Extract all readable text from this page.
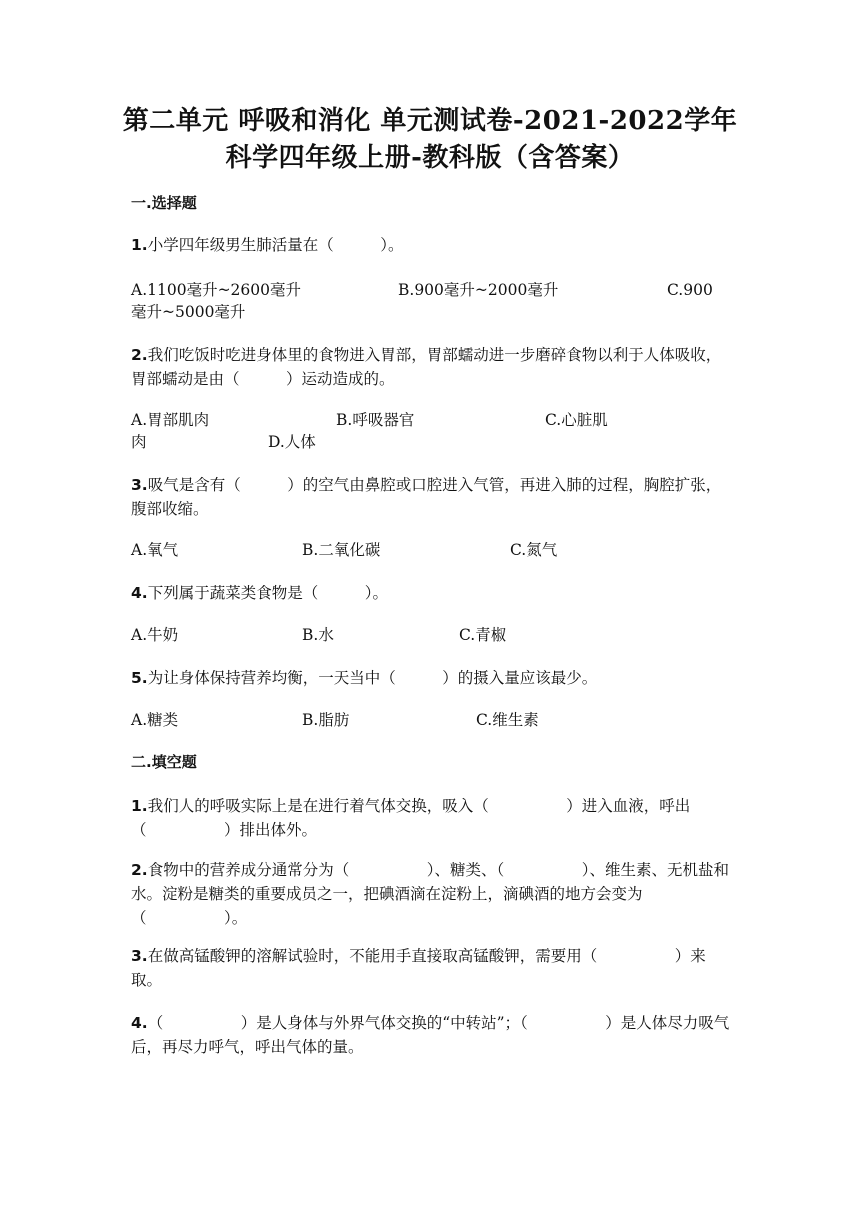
第二单元 呼吸和消化 单元测试卷-2021-2022学年
科学四年级上册-教科版（含答案）
一.选择题
1.小学四年级男生肺活量在（　　　）。
A.1100毫升~2600毫升	B.900毫升~2000毫升	C.900
毫升~5000毫升
2.我们吃饭时吃进身体里的食物进入胃部，胃部蠕动进一步磨碎食物以利于人体吸收，胃部蠕动是由（　　　）运动造成的。
A.胃部肌肉	B.呼吸器官	C.心脏肌
肉	D.人体
3.吸气是含有（　　　）的空气由鼻腔或口腔进入气管，再进入肺的过程，胸腔扩张，腹部收缩。
A.氧气	B.二氧化碳	C.氮气
4.下列属于蔬菜类食物是（　　　）。
A.牛奶	B.水	C.青椒
5.为让身体保持营养均衡，一天当中（　　　）的摄入量应该最少。
A.糖类	B.脂肪	C.维生素
二.填空题
1.我们人的呼吸实际上是在进行着气体交换，吸入（　　　　　）进入血液，呼出（　　　　　）排出体外。
2.食物中的营养成分通常分为（　　　　　）、糖类、（　　　　　）、维生素、无机盐和水。淀粉是糖类的重要成员之一，把碘酒滴在淀粉上，滴碘酒的地方会变为（　　　　　）。
3.在做高锰酸钾的溶解试验时，不能用手直接取高锰酸钾，需要用（　　　　　）来取。
4.（　　　　　）是人身体与外界气体交换的“中转站”；（　　　　　）是人体尽力吸气后，再尽力呼气，呼出气体的量。
